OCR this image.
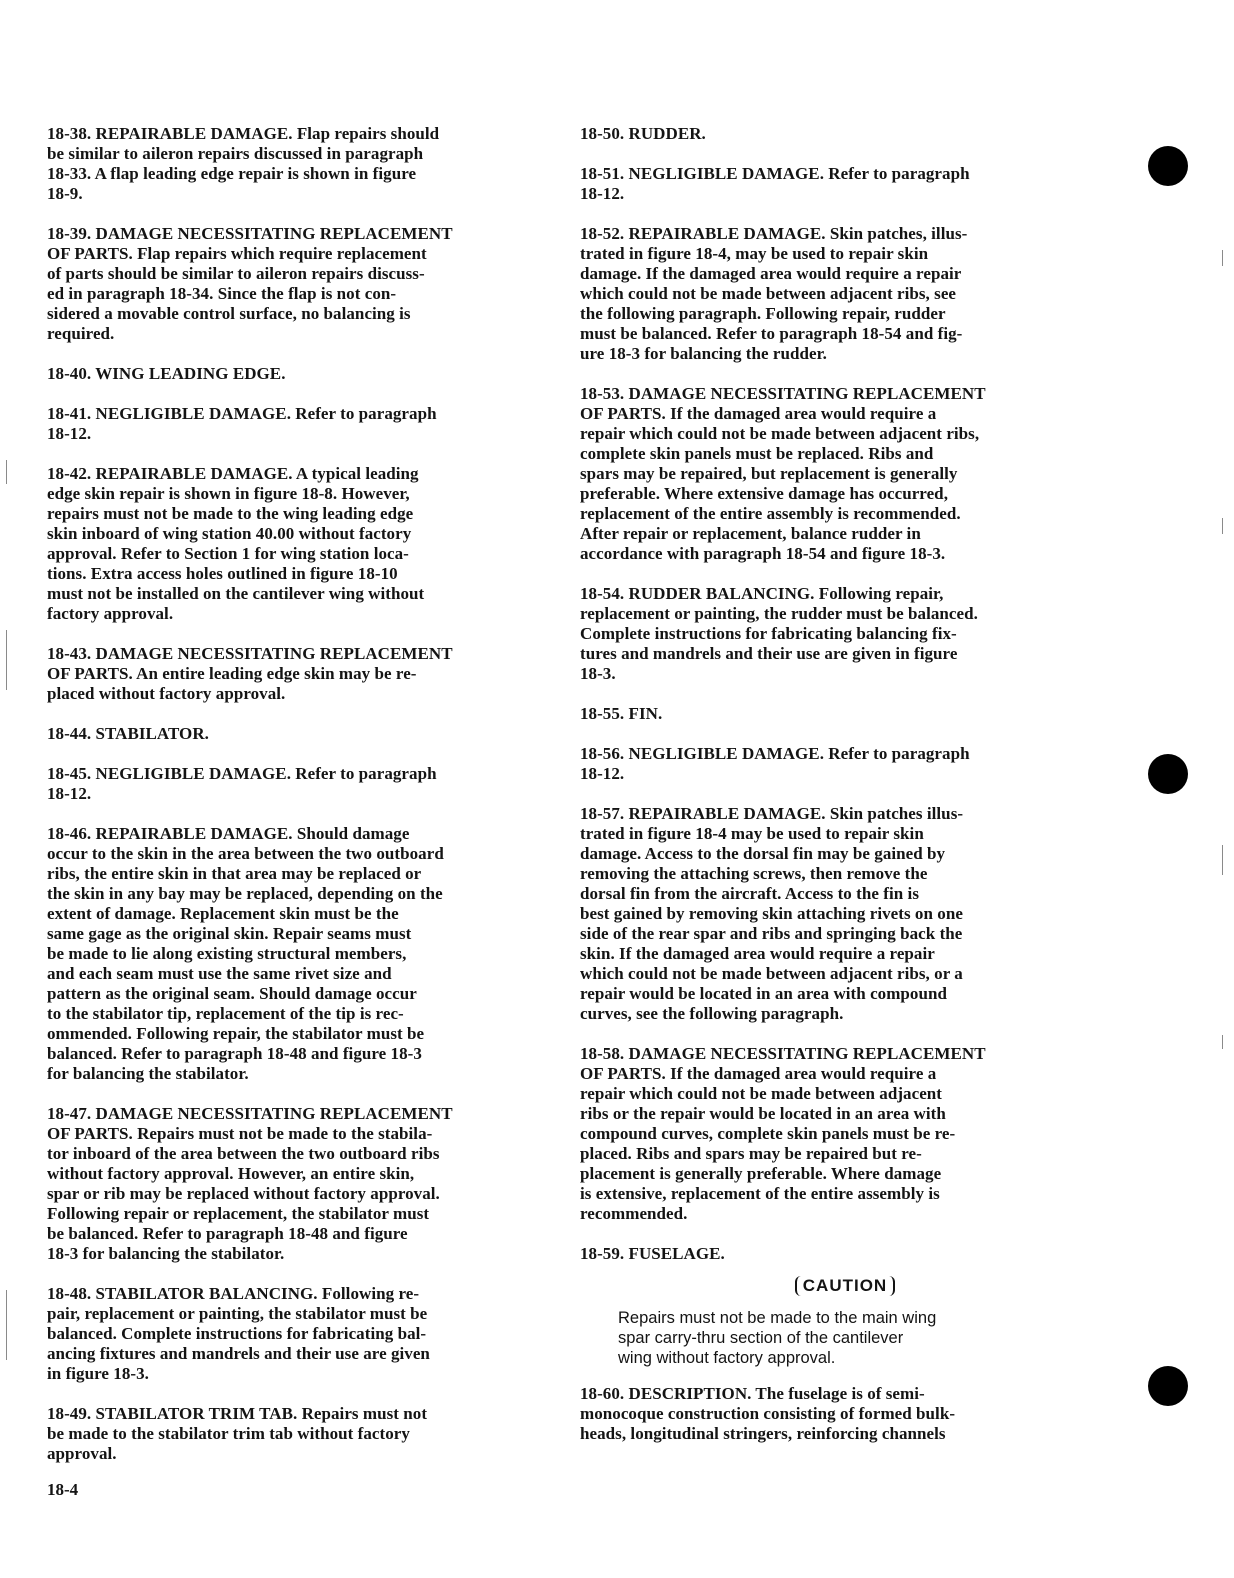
18-38. REPAIRABLE DAMAGE. Flap repairs should
be similar to aileron repairs discussed in paragraph
18-33. A flap leading edge repair is shown in figure
18-9.

18-39. DAMAGE NECESSITATING REPLACEMENT
OF PARTS. Flap repairs which require replacement
of parts should be similar to aileron repairs discuss-
ed in paragraph 18-34. Since the flap is not con-
sidered a movable control surface, no balancing is
required.

18-40. WING LEADING EDGE.

18-41. NEGLIGIBLE DAMAGE. Refer to paragraph
18-12.

18-42. REPAIRABLE DAMAGE. A typical leading
edge skin repair is shown in figure 18-8. However,
repairs must not be made to the wing leading edge
skin inboard of wing station 40.00 without factory
approval. Refer to Section 1 for wing station loca-
tions. Extra access holes outlined in figure 18-10
must not be installed on the cantilever wing without
factory approval.

18-43. DAMAGE NECESSITATING REPLACEMENT
OF PARTS. An entire leading edge skin may be re-
placed without factory approval.

18-44. STABILATOR.

18-45. NEGLIGIBLE DAMAGE. Refer to paragraph
18-12.

18-46. REPAIRABLE DAMAGE. Should damage
occur to the skin in the area between the two outboard
ribs, the entire skin in that area may be replaced or
the skin in any bay may be replaced, depending on the
extent of damage. Replacement skin must be the
same gage as the original skin. Repair seams must
be made to lie along existing structural members,
and each seam must use the same rivet size and
pattern as the original seam. Should damage occur
to the stabilator tip, replacement of the tip is rec-
ommended. Following repair, the stabilator must be
balanced. Refer to paragraph 18-48 and figure 18-3
for balancing the stabilator.

18-47. DAMAGE NECESSITATING REPLACEMENT
OF PARTS. Repairs must not be made to the stabila-
tor inboard of the area between the two outboard ribs
without factory approval. However, an entire skin,
spar or rib may be replaced without factory approval.
Following repair or replacement, the stabilator must
be balanced. Refer to paragraph 18-48 and figure
18-3 for balancing the stabilator.

18-48. STABILATOR BALANCING. Following re-
pair, replacement or painting, the stabilator must be
balanced. Complete instructions for fabricating bal-
ancing fixtures and mandrels and their use are given
in figure 18-3.

18-49. STABILATOR TRIM TAB. Repairs must not
be made to the stabilator trim tab without factory
approval.

18-50. RUDDER.

18-51. NEGLIGIBLE DAMAGE. Refer to paragraph
18-12.

18-52. REPAIRABLE DAMAGE. Skin patches, illus-
trated in figure 18-4, may be used to repair skin
damage. If the damaged area would require a repair
which could not be made between adjacent ribs, see
the following paragraph. Following repair, rudder
must be balanced. Refer to paragraph 18-54 and fig-
ure 18-3 for balancing the rudder.

18-53. DAMAGE NECESSITATING REPLACEMENT
OF PARTS. If the damaged area would require a
repair which could not be made between adjacent ribs,
complete skin panels must be replaced. Ribs and
spars may be repaired, but replacement is generally
preferable. Where extensive damage has occurred,
replacement of the entire assembly is recommended.
After repair or replacement, balance rudder in
accordance with paragraph 18-54 and figure 18-3.

18-54. RUDDER BALANCING. Following repair,
replacement or painting, the rudder must be balanced.
Complete instructions for fabricating balancing fix-
tures and mandrels and their use are given in figure
18-3.

18-55. FIN.

18-56. NEGLIGIBLE DAMAGE. Refer to paragraph
18-12.

18-57. REPAIRABLE DAMAGE. Skin patches illus-
trated in figure 18-4 may be used to repair skin
damage. Access to the dorsal fin may be gained by
removing the attaching screws, then remove the
dorsal fin from the aircraft. Access to the fin is
best gained by removing skin attaching rivets on one
side of the rear spar and ribs and springing back the
skin. If the damaged area would require a repair
which could not be made between adjacent ribs, or a
repair would be located in an area with compound
curves, see the following paragraph.

18-58. DAMAGE NECESSITATING REPLACEMENT
OF PARTS. If the damaged area would require a
repair which could not be made between adjacent
ribs or the repair would be located in an area with
compound curves, complete skin panels must be re-
placed. Ribs and spars may be repaired but re-
placement is generally preferable. Where damage
is extensive, replacement of the entire assembly is
recommended.

18-59. FUSELAGE.

CAUTION

Repairs must not be made to the main wing
spar carry-thru section of the cantilever
wing without factory approval.

18-60. DESCRIPTION. The fuselage is of semi-
monocoque construction consisting of formed bulk-
heads, longitudinal stringers, reinforcing channels

18-4
